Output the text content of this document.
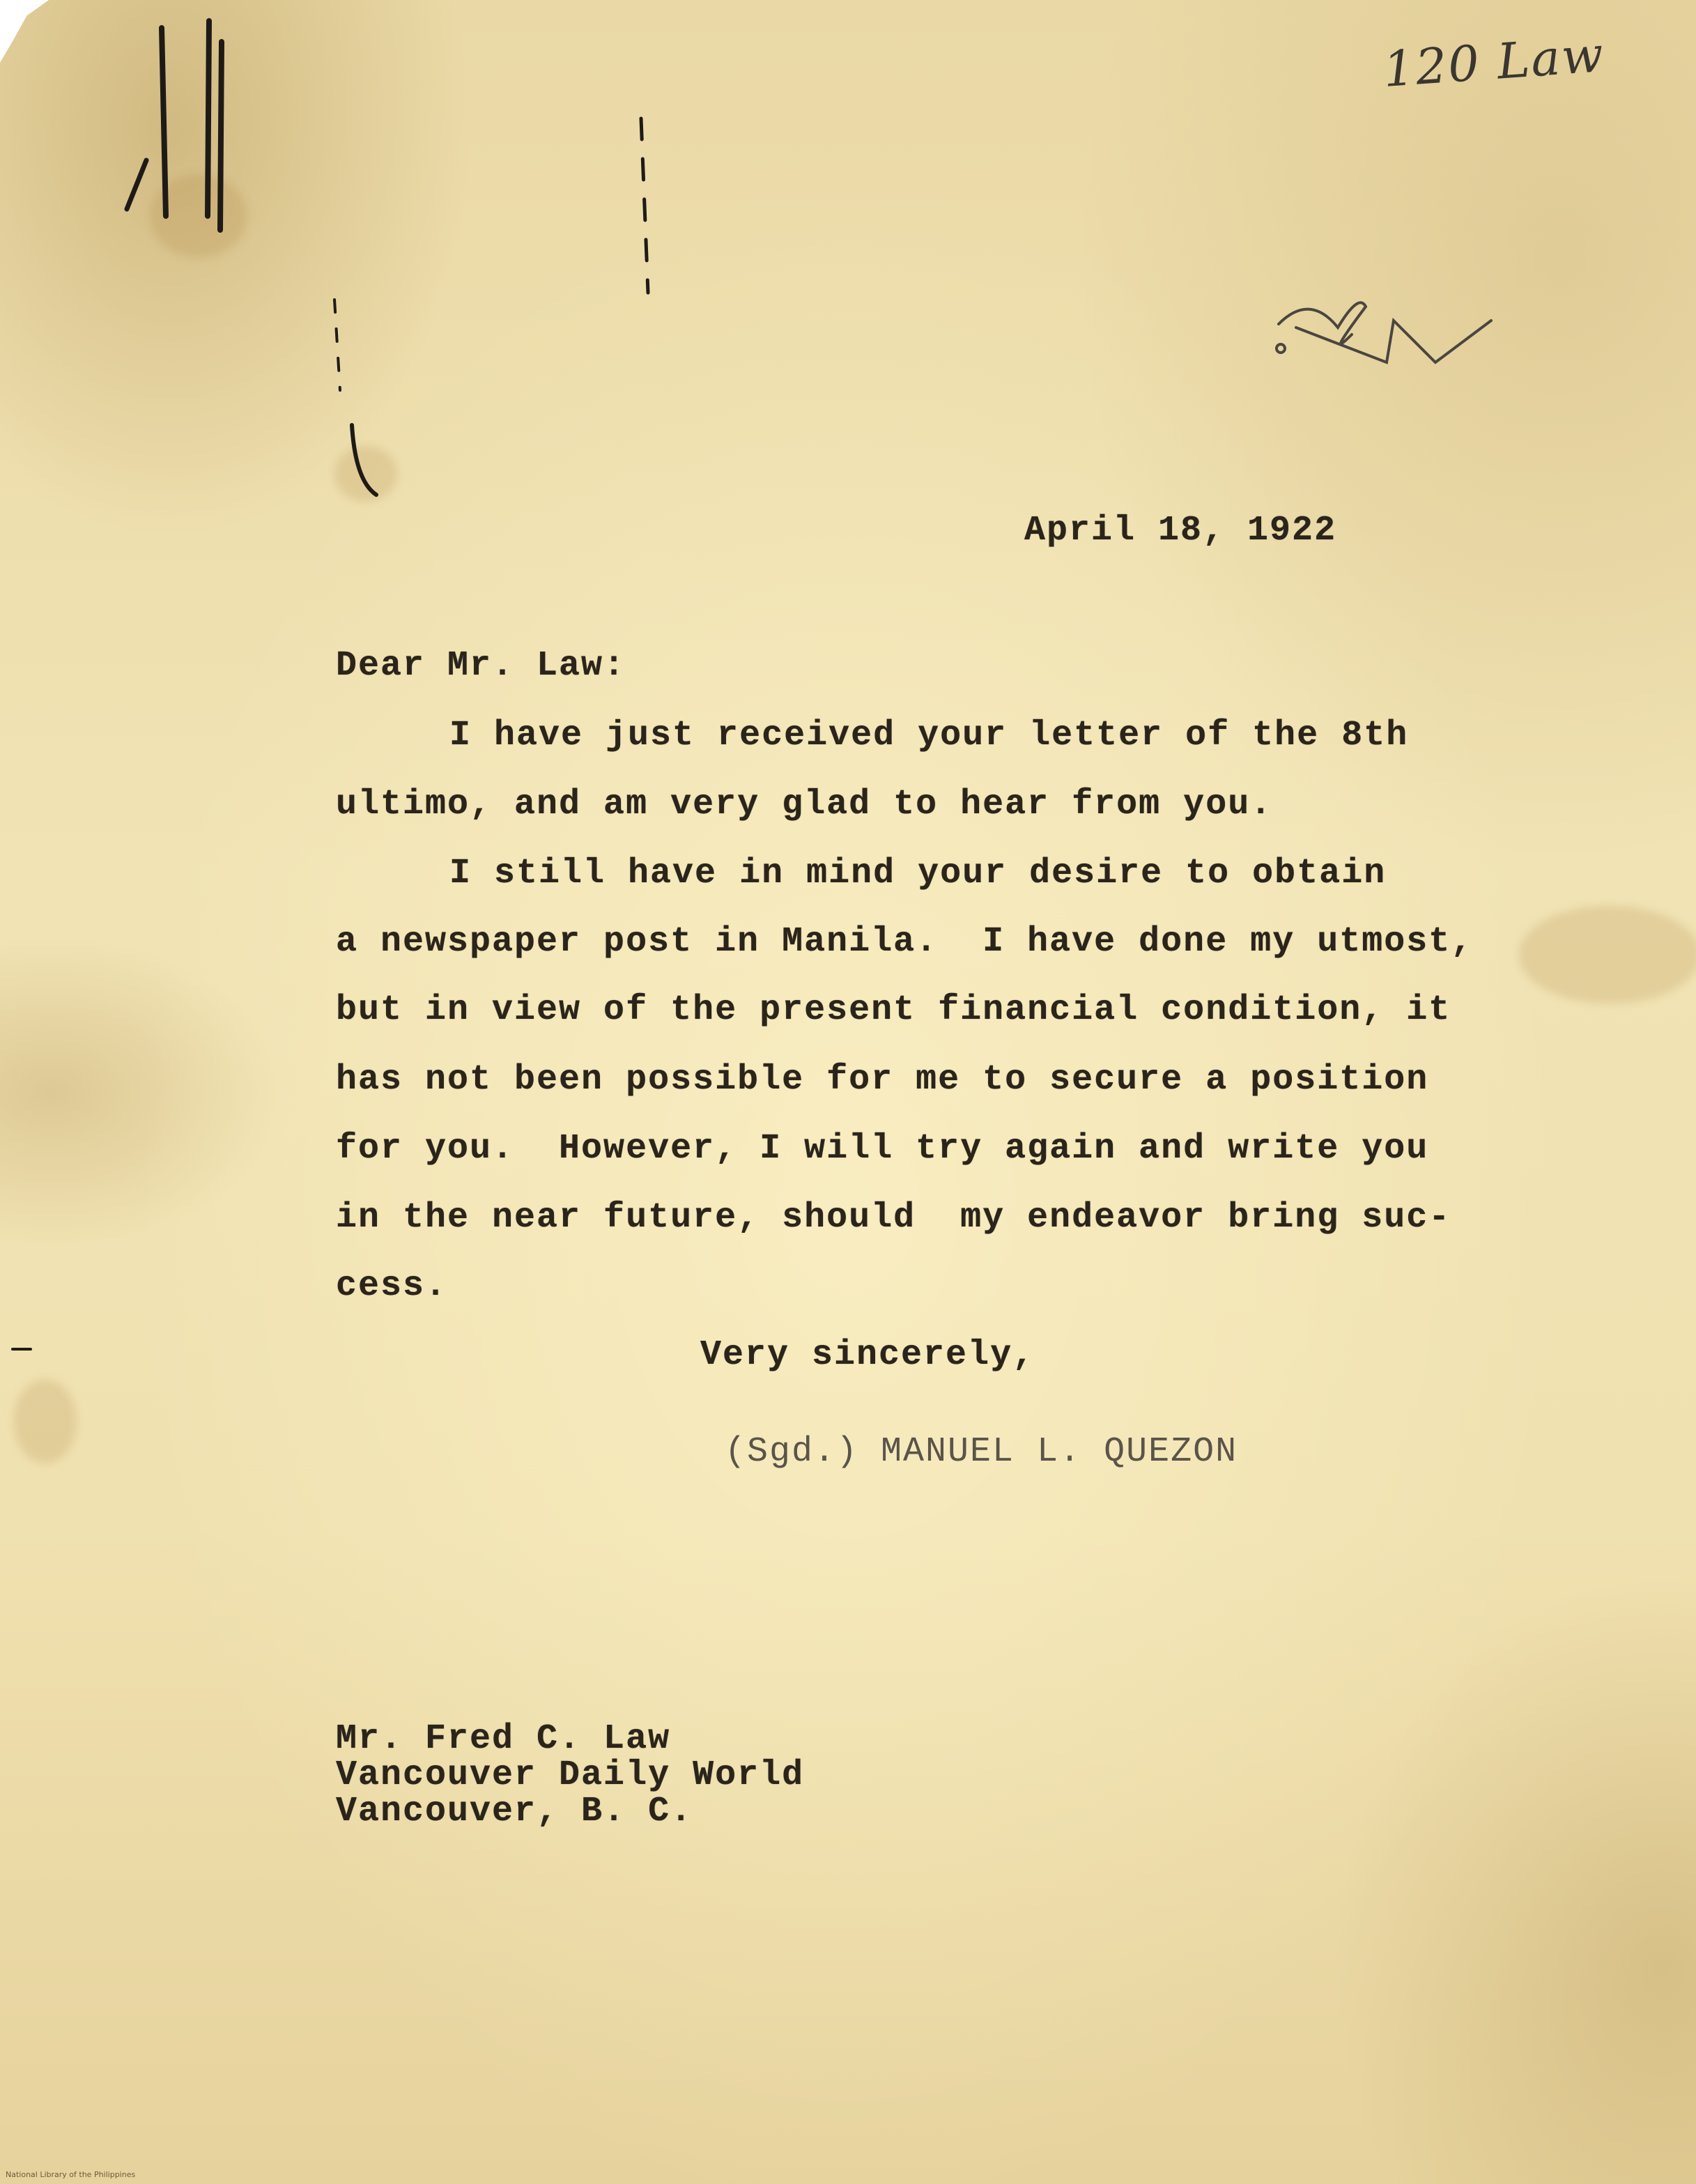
120 Law
April 18, 1922
Dear Mr. Law:
I have just received your letter of the 8th
ultimo, and am very glad to hear from you.
I still have in mind your desire to obtain
a newspaper post in Manila.  I have done my utmost,
but in view of the present financial condition, it
has not been possible for me to secure a position
for you.  However, I will try again and write you
in the near future, should  my endeavor bring suc-
cess.
Very sincerely,
(Sgd.) MANUEL L. QUEZON
Mr. Fred C. Law
Vancouver Daily World
Vancouver, B. C.
National Library of the Philippines
